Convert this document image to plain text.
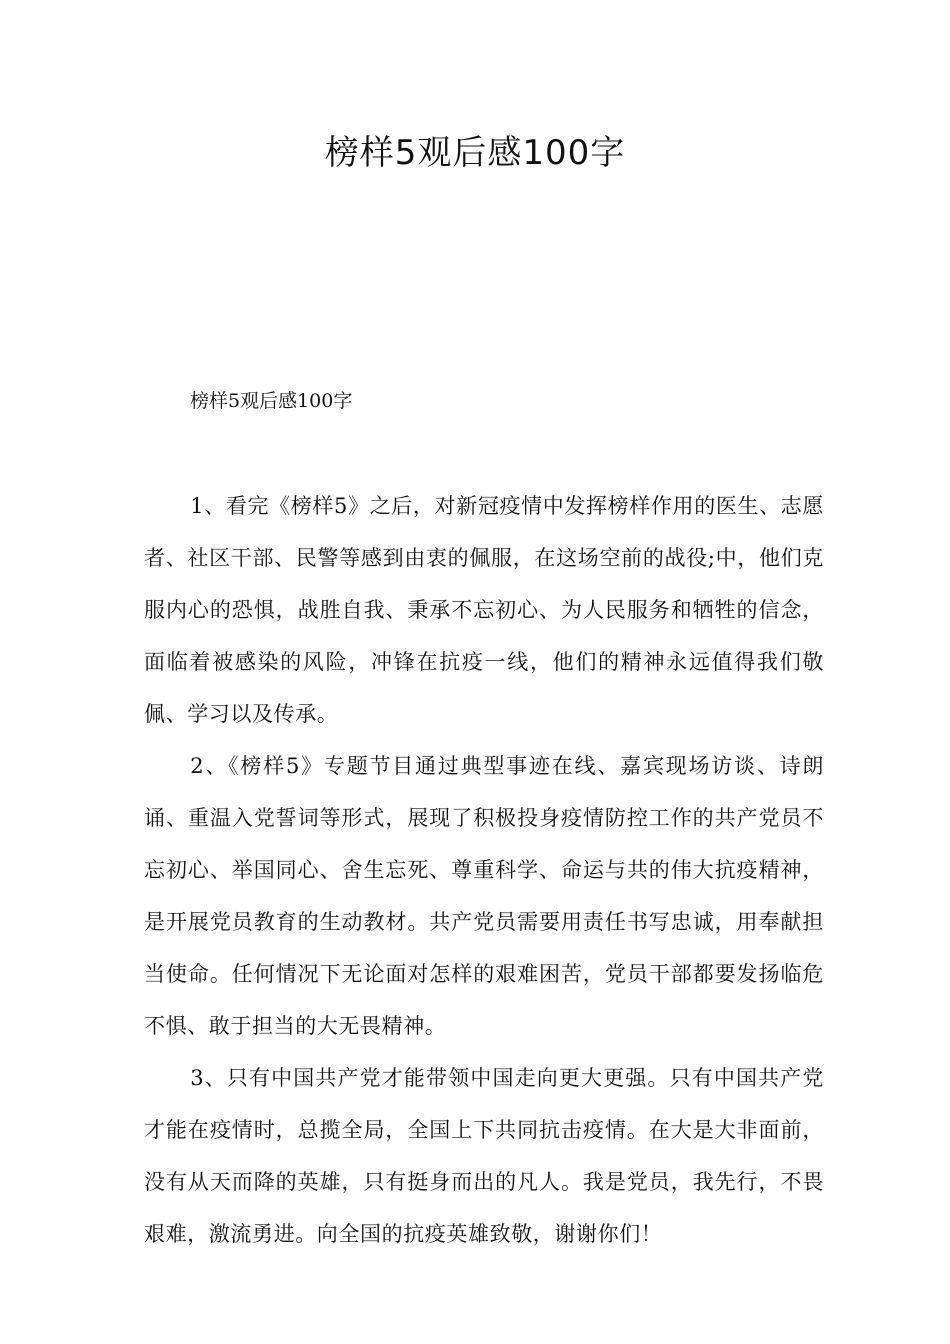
榜样5观后感100字
榜样5观后感100字

1、看完《榜样5》之后，对新冠疫情中发挥榜样作用的医生、志愿者、社区干部、民警等感到由衷的佩服，在这场空前的战役;中，他们克服内心的恐惧，战胜自我、秉承不忘初心、为人民服务和牺牲的信念，面临着被感染的风险，冲锋在抗疫一线，他们的精神永远值得我们敬佩、学习以及传承。

2、《榜样5》专题节目通过典型事迹在线、嘉宾现场访谈、诗朗诵、重温入党誓词等形式，展现了积极投身疫情防控工作的共产党员不忘初心、举国同心、舍生忘死、尊重科学、命运与共的伟大抗疫精神，是开展党员教育的生动教材。共产党员需要用责任书写忠诚，用奉献担当使命。任何情况下无论面对怎样的艰难困苦，党员干部都要发扬临危不惧、敢于担当的大无畏精神。

3、只有中国共产党才能带领中国走向更大更强。只有中国共产党才能在疫情时，总揽全局，全国上下共同抗击疫情。在大是大非面前，没有从天而降的英雄，只有挺身而出的凡人。我是党员，我先行，不畏艰难，激流勇进。向全国的抗疫英雄致敬，谢谢你们！
